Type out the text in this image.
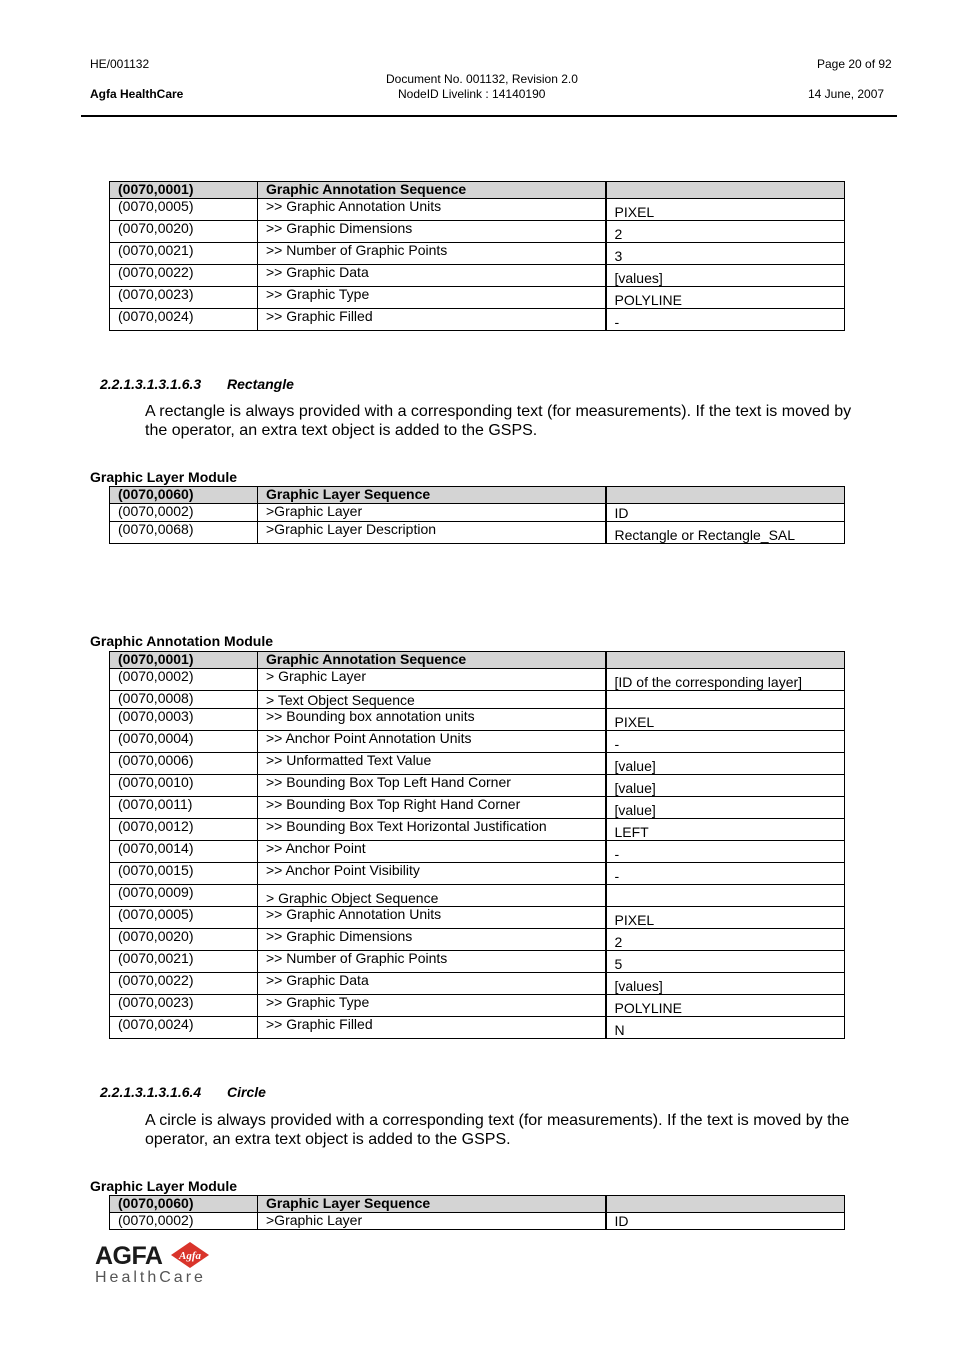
HE/001132
Agfa HealthCare
Document No. 001132, Revision 2.0
NodeID Livelink : 14140190
Page 20 of 92
14 June, 2007
(0070,0001)	Graphic Annotation Sequence	
(0070,0005)	>> Graphic Annotation Units	PIXEL
(0070,0020)	>> Graphic Dimensions	2
(0070,0021)	>> Number of Graphic Points	3
(0070,0022)	>> Graphic Data	[values]
(0070,0023)	>> Graphic Type	POLYLINE
(0070,0024)	>> Graphic Filled	-
2.2.1.3.1.3.1.6.3 Rectangle
A rectangle is always provided with a corresponding text (for measurements). If the text is moved by
the operator, an extra text object is added to the GSPS.
Graphic Layer Module
(0070,0060)	Graphic Layer Sequence	
(0070,0002)	>Graphic Layer	ID
(0070,0068)	>Graphic Layer Description	Rectangle or Rectangle_SAL
Graphic Annotation Module
(0070,0001)	Graphic Annotation Sequence	
(0070,0002)	> Graphic Layer	[ID of the corresponding layer]
(0070,0008)	> Text Object Sequence	
(0070,0003)	>> Bounding box annotation units	PIXEL
(0070,0004)	>> Anchor Point Annotation Units	-
(0070,0006)	>> Unformatted Text Value	[value]
(0070,0010)	>> Bounding Box Top Left Hand Corner	[value]
(0070,0011)	>> Bounding Box Top Right Hand Corner	[value]
(0070,0012)	>> Bounding Box Text Horizontal Justification	LEFT
(0070,0014)	>> Anchor Point	-
(0070,0015)	>> Anchor Point Visibility	-
(0070,0009)	> Graphic Object Sequence	
(0070,0005)	>> Graphic Annotation Units	PIXEL
(0070,0020)	>> Graphic Dimensions	2
(0070,0021)	>> Number of Graphic Points	5
(0070,0022)	>> Graphic Data	[values]
(0070,0023)	>> Graphic Type	POLYLINE
(0070,0024)	>> Graphic Filled	N
2.2.1.3.1.3.1.6.4 Circle
A circle is always provided with a corresponding text (for measurements). If the text is moved by the
operator, an extra text object is added to the GSPS.
Graphic Layer Module
(0070,0060)	Graphic Layer Sequence	
(0070,0002)	>Graphic Layer	ID
AGFA Agfa
HealthCare
